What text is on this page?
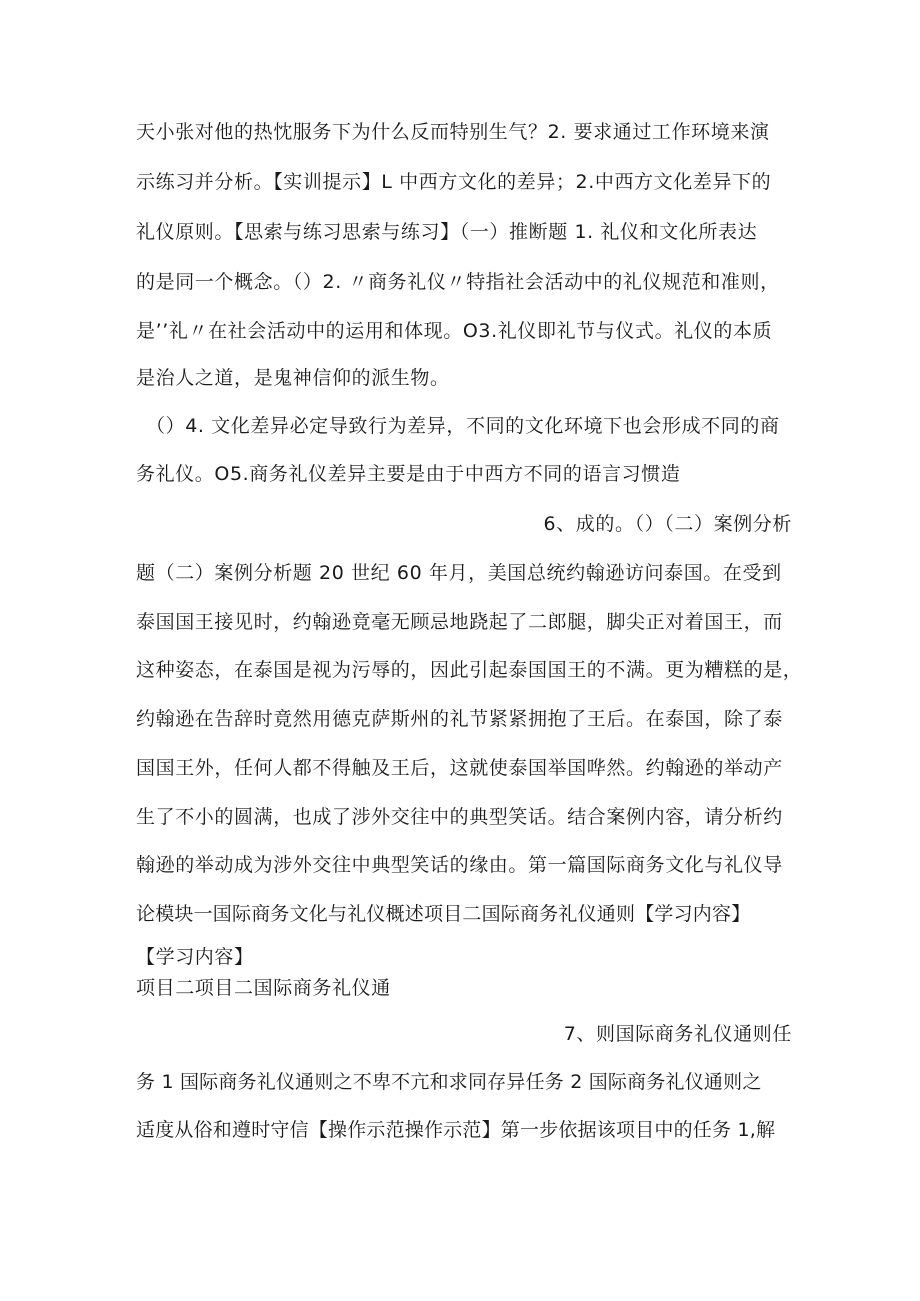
天小张对他的热忱服务下为什么反而特别生气？2. 要求通过工作环境来演
示练习并分析。【实训提示】L 中西方文化的差异；2.中西方文化差异下的
礼仪原则。【思索与练习思索与练习】（一）推断题 1. 礼仪和文化所表达
的是同一个概念。（）2. 〃商务礼仪〃特指社会活动中的礼仪规范和准则，
是’’礼〃在社会活动中的运用和体现。O3.礼仪即礼节与仪式。礼仪的本质
是治人之道，是鬼神信仰的派生物。
（）4. 文化差异必定导致行为差异，不同的文化环境下也会形成不同的商
务礼仪。O5.商务礼仪差异主要是由于中西方不同的语言习惯造
6、成的。（）（二）案例分析
题（二）案例分析题 20 世纪 60 年月，美国总统约翰逊访问泰国。在受到
泰国国王接见时，约翰逊竟毫无顾忌地跷起了二郎腿，脚尖正对着国王，而
这种姿态，在泰国是视为污辱的，因此引起泰国国王的不满。更为糟糕的是，
约翰逊在告辞时竟然用德克萨斯州的礼节紧紧拥抱了王后。在泰国，除了泰
国国王外，任何人都不得触及王后，这就使泰国举国哗然。约翰逊的举动产
生了不小的圆满，也成了涉外交往中的典型笑话。结合案例内容，请分析约
翰逊的举动成为涉外交往中典型笑话的缘由。第一篇国际商务文化与礼仪导
论模块一国际商务文化与礼仪概述项目二国际商务礼仪通则【学习内容】
【学习内容】
项目二项目二国际商务礼仪通
7、则国际商务礼仪通则任
务 1 国际商务礼仪通则之不卑不亢和求同存异任务 2 国际商务礼仪通则之
适度从俗和遵时守信【操作示范操作示范】第一步依据该项目中的任务 1,解
